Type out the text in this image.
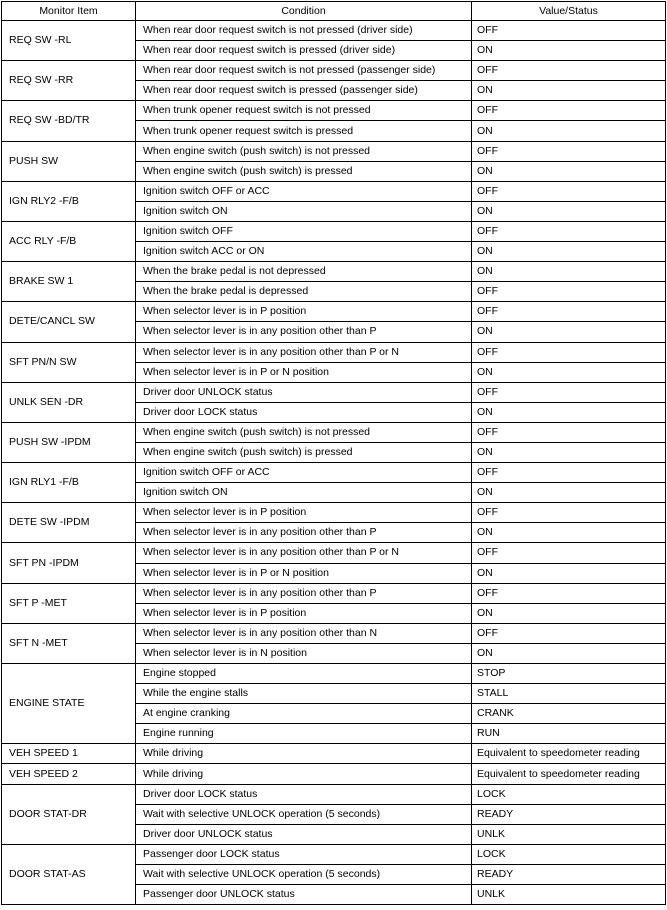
Monitor Item	Condition	Value/Status
REQ SW -RL	When rear door request switch is not pressed (driver side)	OFF
	When rear door request switch is pressed (driver side)	ON
REQ SW -RR	When rear door request switch is not pressed (passenger side)	OFF
	When rear door request switch is pressed (passenger side)	ON
REQ SW -BD/TR	When trunk opener request switch is not pressed	OFF
	When trunk opener request switch is pressed	ON
PUSH SW	When engine switch (push switch) is not pressed	OFF
	When engine switch (push switch) is pressed	ON
IGN RLY2 -F/B	Ignition switch OFF or ACC	OFF
	Ignition switch ON	ON
ACC RLY -F/B	Ignition switch OFF	OFF
	Ignition switch ACC or ON	ON
BRAKE SW 1	When the brake pedal is not depressed	ON
	When the brake pedal is depressed	OFF
DETE/CANCL SW	When selector lever is in P position	OFF
	When selector lever is in any position other than P	ON
SFT PN/N SW	When selector lever is in any position other than P or N	OFF
	When selector lever is in P or N position	ON
UNLK SEN -DR	Driver door UNLOCK status	OFF
	Driver door LOCK status	ON
PUSH SW -IPDM	When engine switch (push switch) is not pressed	OFF
	When engine switch (push switch) is pressed	ON
IGN RLY1 -F/B	Ignition switch OFF or ACC	OFF
	Ignition switch ON	ON
DETE SW -IPDM	When selector lever is in P position	OFF
	When selector lever is in any position other than P	ON
SFT PN -IPDM	When selector lever is in any position other than P or N	OFF
	When selector lever is in P or N position	ON
SFT P -MET	When selector lever is in any position other than P	OFF
	When selector lever is in P position	ON
SFT N -MET	When selector lever is in any position other than N	OFF
	When selector lever is in N position	ON
ENGINE STATE	Engine stopped	STOP
	While the engine stalls	STALL
	At engine cranking	CRANK
	Engine running	RUN
VEH SPEED 1	While driving	Equivalent to speedometer reading
VEH SPEED 2	While driving	Equivalent to speedometer reading
DOOR STAT-DR	Driver door LOCK status	LOCK
	Wait with selective UNLOCK operation (5 seconds)	READY
	Driver door UNLOCK status	UNLK
DOOR STAT-AS	Passenger door LOCK status	LOCK
	Wait with selective UNLOCK operation (5 seconds)	READY
	Passenger door UNLOCK status	UNLK
